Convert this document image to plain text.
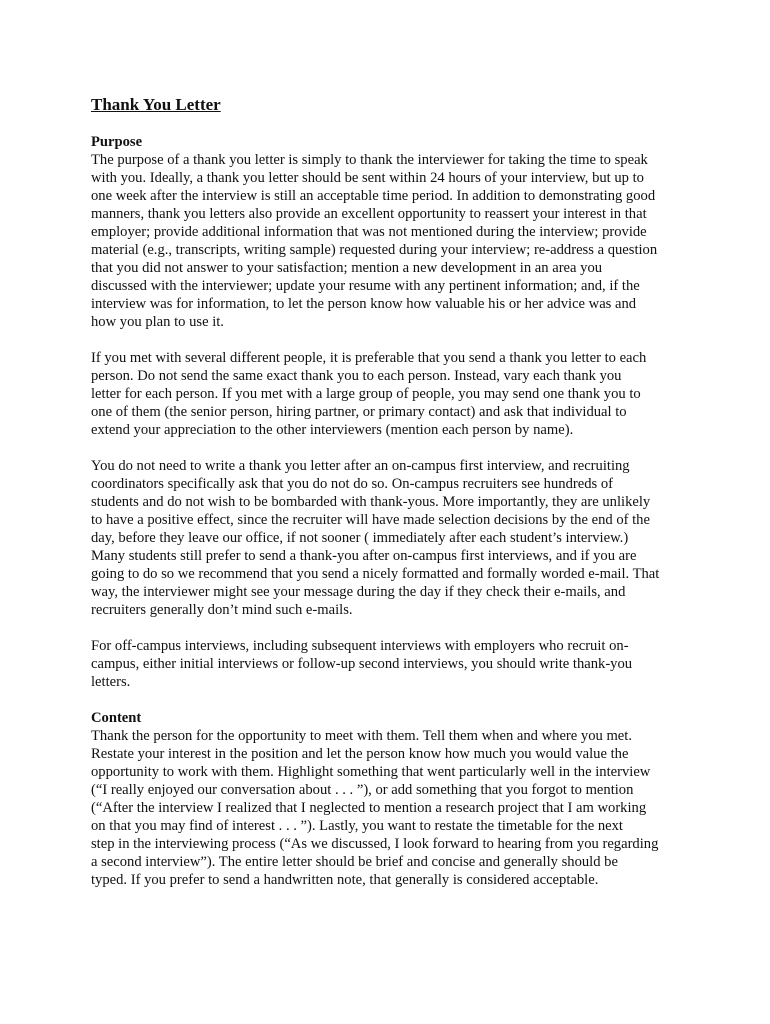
Thank You Letter
Purpose
The purpose of a thank you letter is simply to thank the interviewer for taking the time to speak
with you. Ideally, a thank you letter should be sent within 24 hours of your interview, but up to
one week after the interview is still an acceptable time period. In addition to demonstrating good
manners, thank you letters also provide an excellent opportunity to reassert your interest in that
employer; provide additional information that was not mentioned during the interview; provide
material (e.g., transcripts, writing sample) requested during your interview; re-address a question
that you did not answer to your satisfaction; mention a new development in an area you
discussed with the interviewer; update your resume with any pertinent information; and, if the
interview was for information, to let the person know how valuable his or her advice was and
how you plan to use it.
If you met with several different people, it is preferable that you send a thank you letter to each
person. Do not send the same exact thank you to each person. Instead, vary each thank you
letter for each person. If you met with a large group of people, you may send one thank you to
one of them (the senior person, hiring partner, or primary contact) and ask that individual to
extend your appreciation to the other interviewers (mention each person by name).
You do not need to write a thank you letter after an on-campus first interview, and recruiting
coordinators specifically ask that you do not do so. On-campus recruiters see hundreds of
students and do not wish to be bombarded with thank-yous. More importantly, they are unlikely
to have a positive effect, since the recruiter will have made selection decisions by the end of the
day, before they leave our office, if not sooner ( immediately after each student’s interview.)
Many students still prefer to send a thank-you after on-campus first interviews, and if you are
going to do so we recommend that you send a nicely formatted and formally worded e-mail. That
way, the interviewer might see your message during the day if they check their e-mails, and
recruiters generally don’t mind such e-mails.
For off-campus interviews, including subsequent interviews with employers who recruit on-
campus, either initial interviews or follow-up second interviews, you should write thank-you
letters.
Content
Thank the person for the opportunity to meet with them. Tell them when and where you met.
Restate your interest in the position and let the person know how much you would value the
opportunity to work with them. Highlight something that went particularly well in the interview
(“I really enjoyed our conversation about . . . ”), or add something that you forgot to mention
(“After the interview I realized that I neglected to mention a research project that I am working
on that you may find of interest . . . ”). Lastly, you want to restate the timetable for the next
step in the interviewing process (“As we discussed, I look forward to hearing from you regarding
a second interview”). The entire letter should be brief and concise and generally should be
typed. If you prefer to send a handwritten note, that generally is considered acceptable.
